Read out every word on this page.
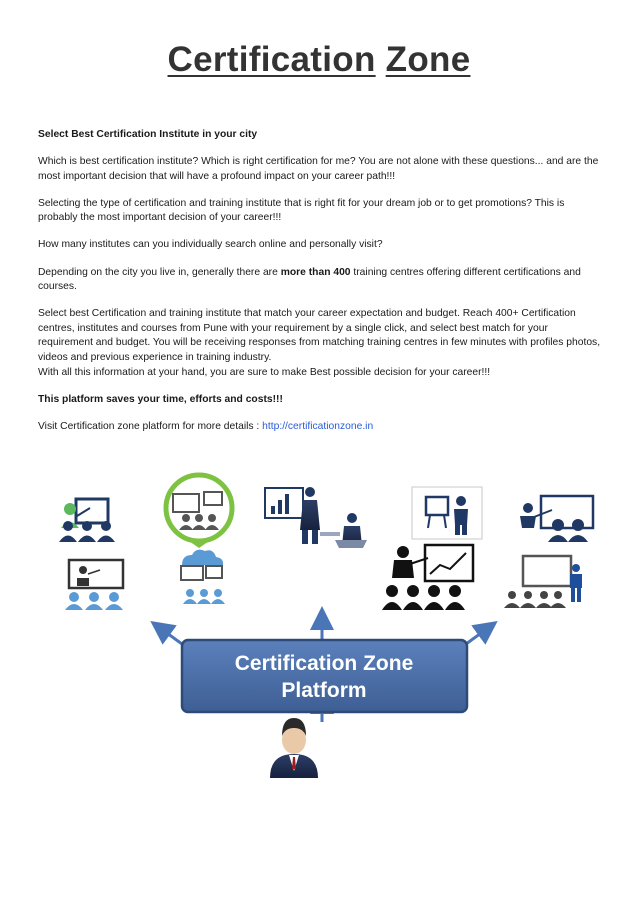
Certification Zone

Select Best Certification Institute in your city

Which is best certification institute? Which is right certification for me? You are not alone with these questions... and are the most important decision that will have a profound impact on your career path!!!

Selecting the type of certification and training institute that is right fit for your dream job or to get promotions? This is probably the most important decision of your career!!!

How many institutes can you individually search online and personally visit?

Depending on the city you live in, generally there are more than 400 training centres offering different certifications and courses.

Select best Certification and training institute that match your career expectation and budget. Reach 400+ Certification centres, institutes and courses from Pune with your requirement by a single click, and select best match for your requirement and budget. You will be receiving responses from matching training centres in few minutes with profiles photos, videos and previous experience in training industry.
With all this information at your hand, you are sure to make Best possible decision for your career!!!

This platform saves your time, efforts and costs!!!

Visit Certification zone platform for more details : http://certificationzone.in

Certification Zone
Platform
